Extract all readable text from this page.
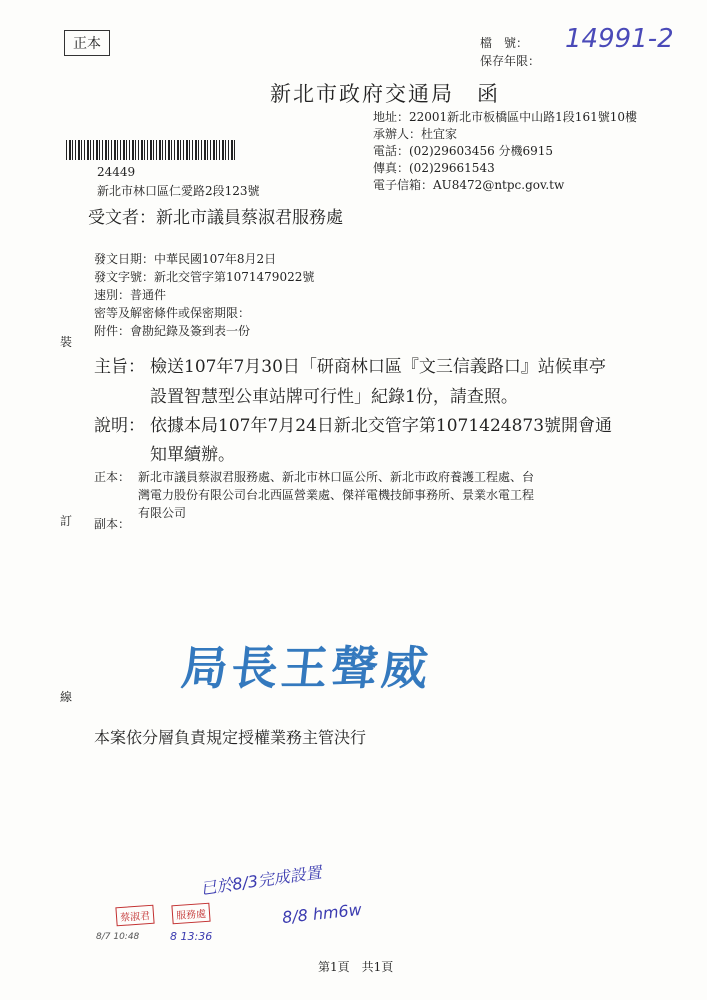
正本	檔　號：
保存年限：
14991-2
新北市政府交通局　函
地址：22001新北市板橋區中山路1段161號10樓
承辦人：杜宜家
電話：(02)29603456 分機6915
傳真：(02)29661543
電子信箱：AU8472@ntpc.gov.tw
24449
新北市林口區仁愛路2段123號
受文者：新北市議員蔡淑君服務處
發文日期：中華民國107年8月2日
發文字號：新北交管字第1071479022號
速別：普通件
密等及解密條件或保密期限：
附件：會勘紀錄及簽到表一份
裝
訂
線
主旨： 檢送107年7月30日「研商林口區『文三信義路口』站候車亭
設置智慧型公車站牌可行性」紀錄1份，請查照。
說明： 依據本局107年7月24日新北交管字第1071424873號開會通
知單續辦。
正本： 新北市議員蔡淑君服務處、新北市林口區公所、新北市政府養護工程處、台
灣電力股份有限公司台北西區營業處、傑祥電機技師事務所、景業水電工程
有限公司
副本：
局長王聲威
本案依分層負責規定授權業務主管決行
已於8/3完成設置
8/8 hm6w
8/7 10:48	8 13:36
蔡淑君	服務處
第1頁　共1頁
